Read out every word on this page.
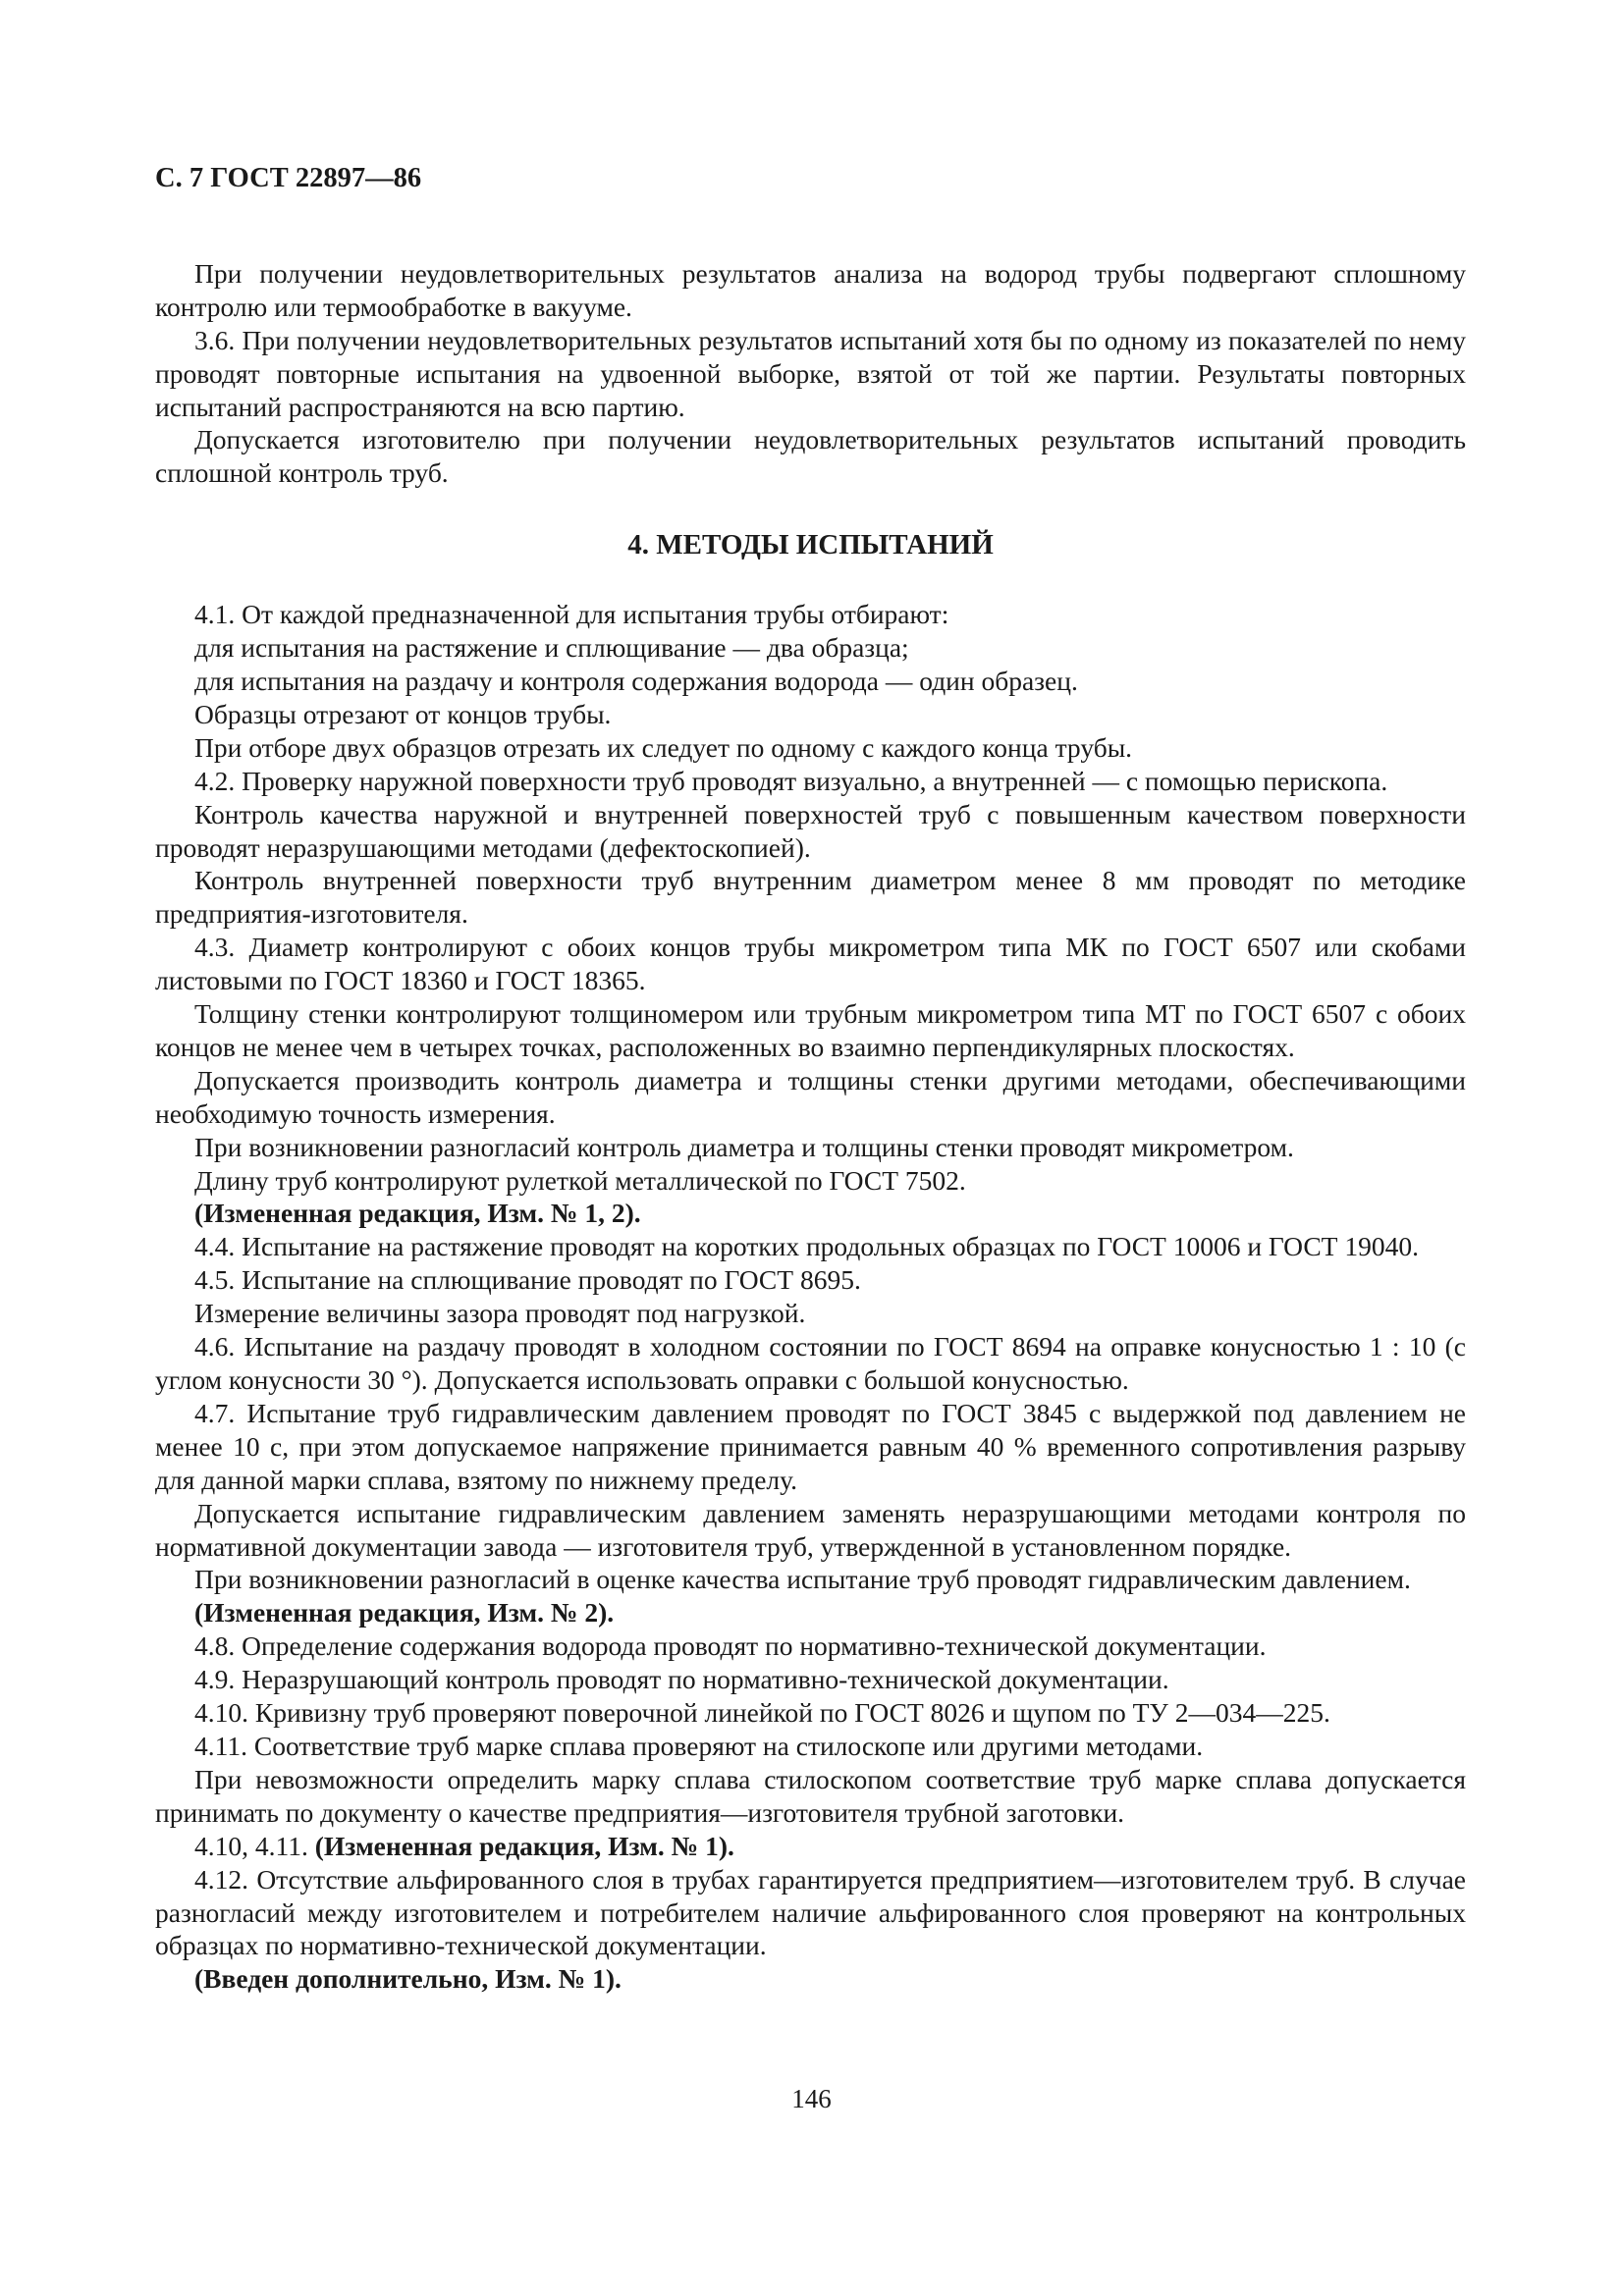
С. 7 ГОСТ 22897—86

При получении неудовлетворительных результатов анализа на водород трубы подвергают сплошному контролю или термообработке в вакууме.

3.6. При получении неудовлетворительных результатов испытаний хотя бы по одному из показателей по нему проводят повторные испытания на удвоенной выборке, взятой от той же партии. Результаты повторных испытаний распространяются на всю партию.

Допускается изготовителю при получении неудовлетворительных результатов испытаний проводить сплошной контроль труб.

4. МЕТОДЫ ИСПЫТАНИЙ

4.1. От каждой предназначенной для испытания трубы отбирают:

для испытания на растяжение и сплющивание — два образца;

для испытания на раздачу и контроля содержания водорода — один образец.

Образцы отрезают от концов трубы.

При отборе двух образцов отрезать их следует по одному с каждого конца трубы.

4.2. Проверку наружной поверхности труб проводят визуально, а внутренней — с помощью перископа.

Контроль качества наружной и внутренней поверхностей труб с повышенным качеством поверхности проводят неразрушающими методами (дефектоскопией).

Контроль внутренней поверхности труб внутренним диаметром менее 8 мм проводят по методике предприятия-изготовителя.

4.3. Диаметр контролируют с обоих концов трубы микрометром типа МК по ГОСТ 6507 или скобами листовыми по ГОСТ 18360 и ГОСТ 18365.

Толщину стенки контролируют толщиномером или трубным микрометром типа МТ по ГОСТ 6507 с обоих концов не менее чем в четырех точках, расположенных во взаимно перпендикулярных плоскостях.

Допускается производить контроль диаметра и толщины стенки другими методами, обеспечивающими необходимую точность измерения.

При возникновении разногласий контроль диаметра и толщины стенки проводят микрометром.

Длину труб контролируют рулеткой металлической по ГОСТ 7502.

(Измененная редакция, Изм. № 1, 2).

4.4. Испытание на растяжение проводят на коротких продольных образцах по ГОСТ 10006 и ГОСТ 19040.

4.5. Испытание на сплющивание проводят по ГОСТ 8695.

Измерение величины зазора проводят под нагрузкой.

4.6. Испытание на раздачу проводят в холодном состоянии по ГОСТ 8694 на оправке конусностью 1 : 10 (с углом конусности 30 °). Допускается использовать оправки с большой конусностью.

4.7. Испытание труб гидравлическим давлением проводят по ГОСТ 3845 с выдержкой под давлением не менее 10 с, при этом допускаемое напряжение принимается равным 40 % временного сопротивления разрыву для данной марки сплава, взятому по нижнему пределу.

Допускается испытание гидравлическим давлением заменять неразрушающими методами контроля по нормативной документации завода — изготовителя труб, утвержденной в установленном порядке.

При возникновении разногласий в оценке качества испытание труб проводят гидравлическим давлением.

(Измененная редакция, Изм. № 2).

4.8. Определение содержания водорода проводят по нормативно-технической документации.

4.9. Неразрушающий контроль проводят по нормативно-технической документации.

4.10. Кривизну труб проверяют поверочной линейкой по ГОСТ 8026 и щупом по ТУ 2—034—225.

4.11. Соответствие труб марке сплава проверяют на стилоскопе или другими методами.

При невозможности определить марку сплава стилоскопом соответствие труб марке сплава допускается принимать по документу о качестве предприятия—изготовителя трубной заготовки.

4.10, 4.11. (Измененная редакция, Изм. № 1).

4.12. Отсутствие альфированного слоя в трубах гарантируется предприятием—изготовителем труб. В случае разногласий между изготовителем и потребителем наличие альфированного слоя проверяют на контрольных образцах по нормативно-технической документации.

(Введен дополнительно, Изм. № 1).

146
